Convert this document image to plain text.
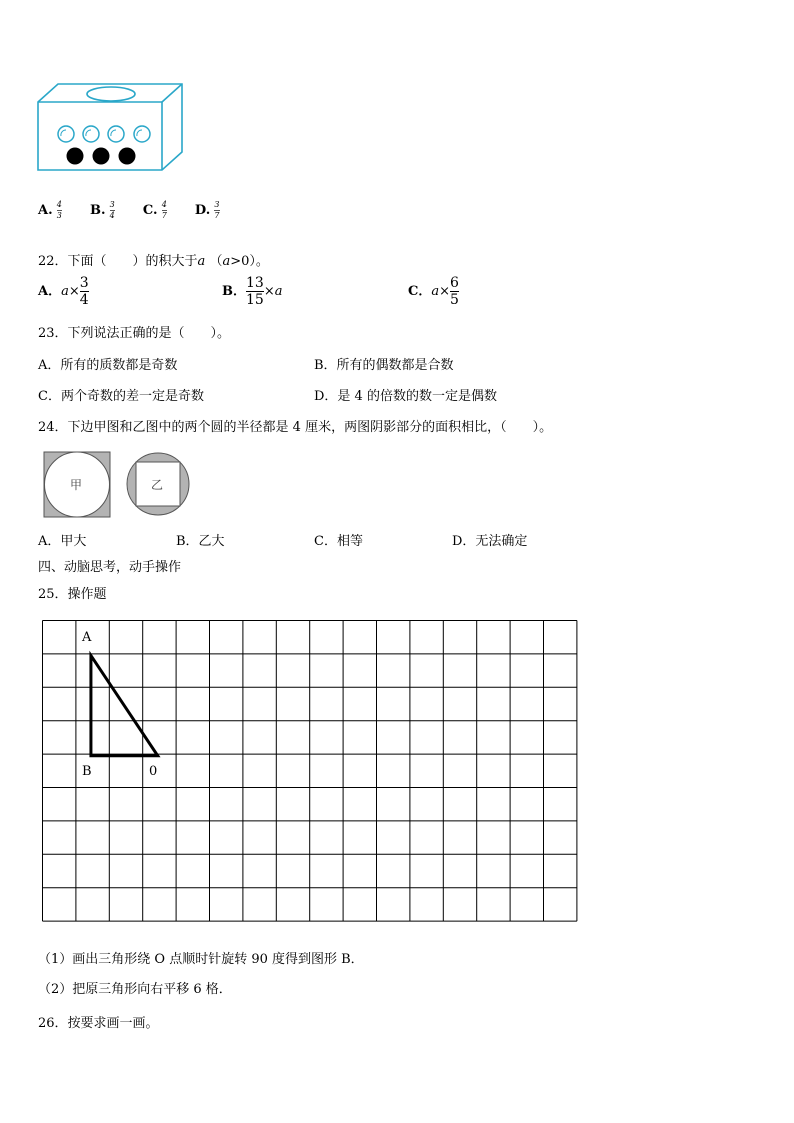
A. $\frac{4}{3} B$. $\frac{3}{4} C$. $\frac{4}{7} D$. $\frac{3}{7}$
22．下面（　　）的积大于a （a>0）。
A．$a\times \frac{3}{4}$	B． $\frac{13}{15} \times a$	C．$a\times \frac{6}{5}$
23．下列说法正确的是（　　）。
A．所有的质数都是奇数	B．所有的偶数都是合数
C．两个奇数的差一定是奇数	D．是 4 的倍数的数一定是偶数
24．下边甲图和乙图中的两个圆的半径都是 4 厘米，两图阴影部分的面积相比，（　　）。
甲	乙
A．甲大	B．乙大	C．相等	D．无法确定
四、动脑思考，动手操作
25．操作题
A
B	0
（1）画出三角形绕 O 点顺时针旋转 90 度得到图形 B．
（2）把原三角形向右平移 6 格．
26．按要求画一画。
